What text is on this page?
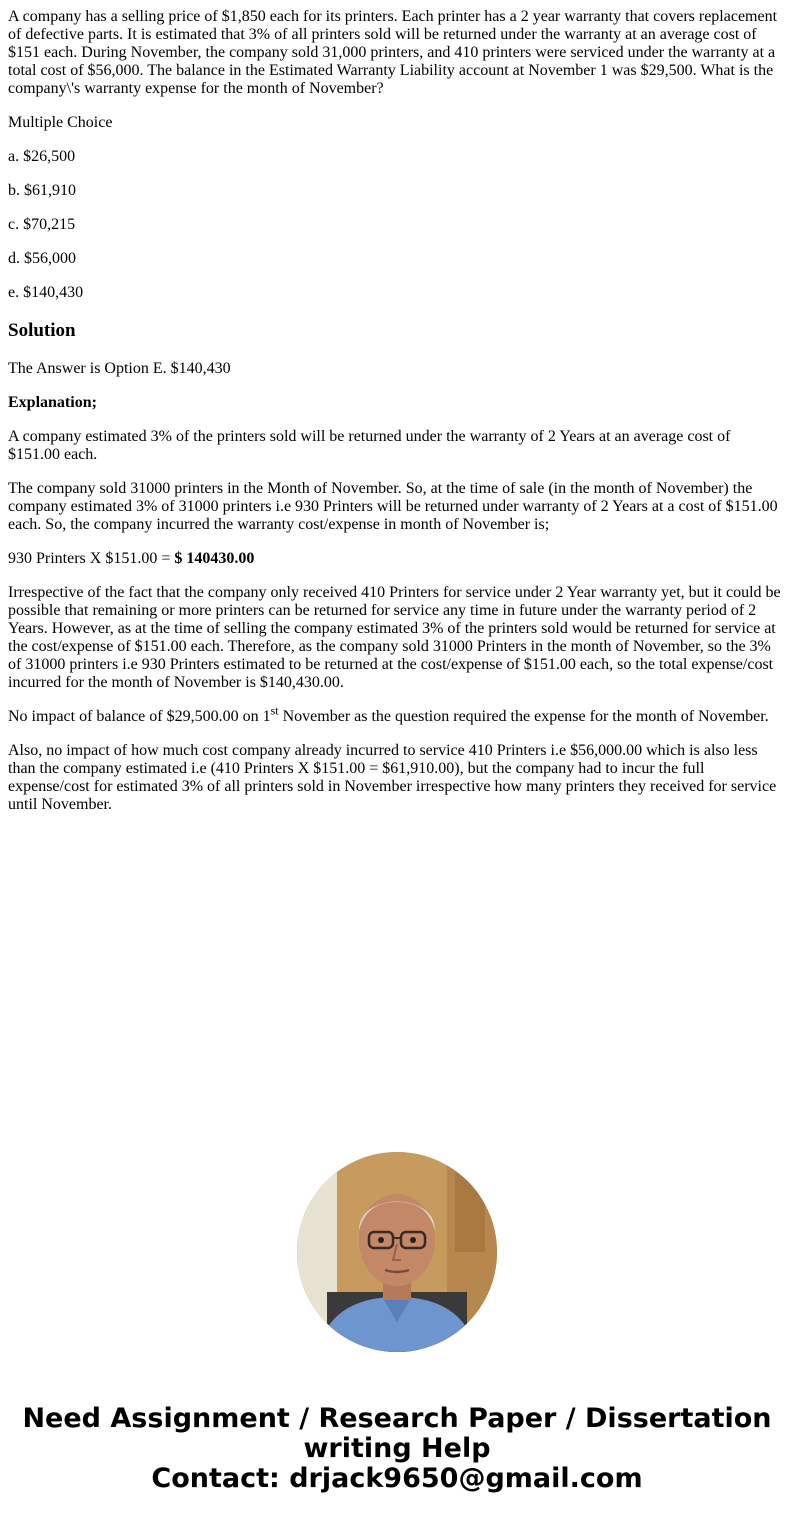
A company has a selling price of $1,850 each for its printers. Each printer has a 2 year warranty that covers replacement of defective parts. It is estimated that 3% of all printers sold will be returned under the warranty at an average cost of $151 each. During November, the company sold 31,000 printers, and 410 printers were serviced under the warranty at a total cost of $56,000. The balance in the Estimated Warranty Liability account at November 1 was $29,500. What is the company\'s warranty expense for the month of November?

Multiple Choice

a. $26,500

b. $61,910

c. $70,215

d. $56,000

e. $140,430

Solution

The Answer is Option E. $140,430

Explanation;

A company estimated 3% of the printers sold will be returned under the warranty of 2 Years at an average cost of $151.00 each.

The company sold 31000 printers in the Month of November. So, at the time of sale (in the month of November) the company estimated 3% of 31000 printers i.e 930 Printers will be returned under warranty of 2 Years at a cost of $151.00 each. So, the company incurred the warranty cost/expense in month of November is;

930 Printers X $151.00 = $ 140430.00

Irrespective of the fact that the company only received 410 Printers for service under 2 Year warranty yet, but it could be possible that remaining or more printers can be returned for service any time in future under the warranty period of 2 Years. However, as at the time of selling the company estimated 3% of the printers sold would be returned for service at the cost/expense of $151.00 each. Therefore, as the company sold 31000 Printers in the month of November, so the 3% of 31000 printers i.e 930 Printers estimated to be returned at the cost/expense of $151.00 each, so the total expense/cost incurred for the month of November is $140,430.00.

No impact of balance of $29,500.00 on 1st November as the question required the expense for the month of November.

Also, no impact of how much cost company already incurred to service 410 Printers i.e $56,000.00 which is also less than the company estimated i.e (410 Printers X $151.00 = $61,910.00), but the company had to incur the full expense/cost for estimated 3% of all printers sold in November irrespective how many printers they received for service until November.

Need Assignment / Research Paper / Dissertation
writing Help
Contact: drjack9650@gmail.com
